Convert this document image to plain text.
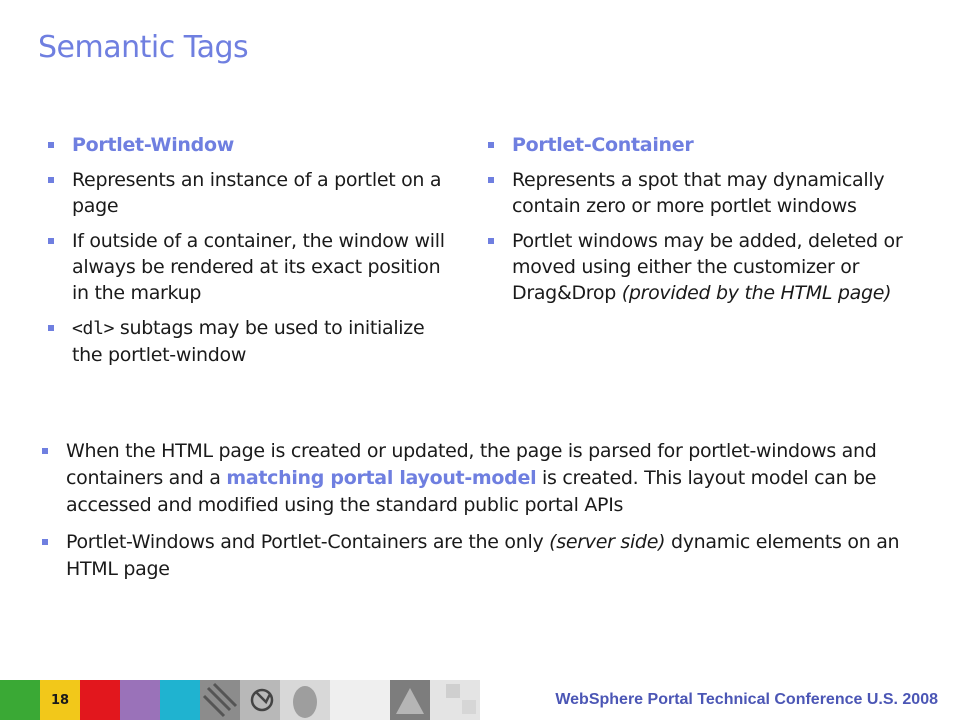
Semantic Tags
Portlet-Window
Represents an instance of a portlet on a page
If outside of a container, the window will always be rendered at its exact position in the markup
<dl> subtags may be used to initialize the portlet-window
Portlet-Container
Represents a spot that may dynamically contain zero or more portlet windows
Portlet windows may be added, deleted or moved using either the customizer or Drag&Drop (provided by the HTML page)
When the HTML page is created or updated, the page is parsed for portlet-windows and containers and a matching portal layout-model is created. This layout model can be accessed and modified using the standard public portal APIs
Portlet-Windows and Portlet-Containers are the only (server side) dynamic elements on an HTML page
18	WebSphere Portal Technical Conference U.S. 2008
